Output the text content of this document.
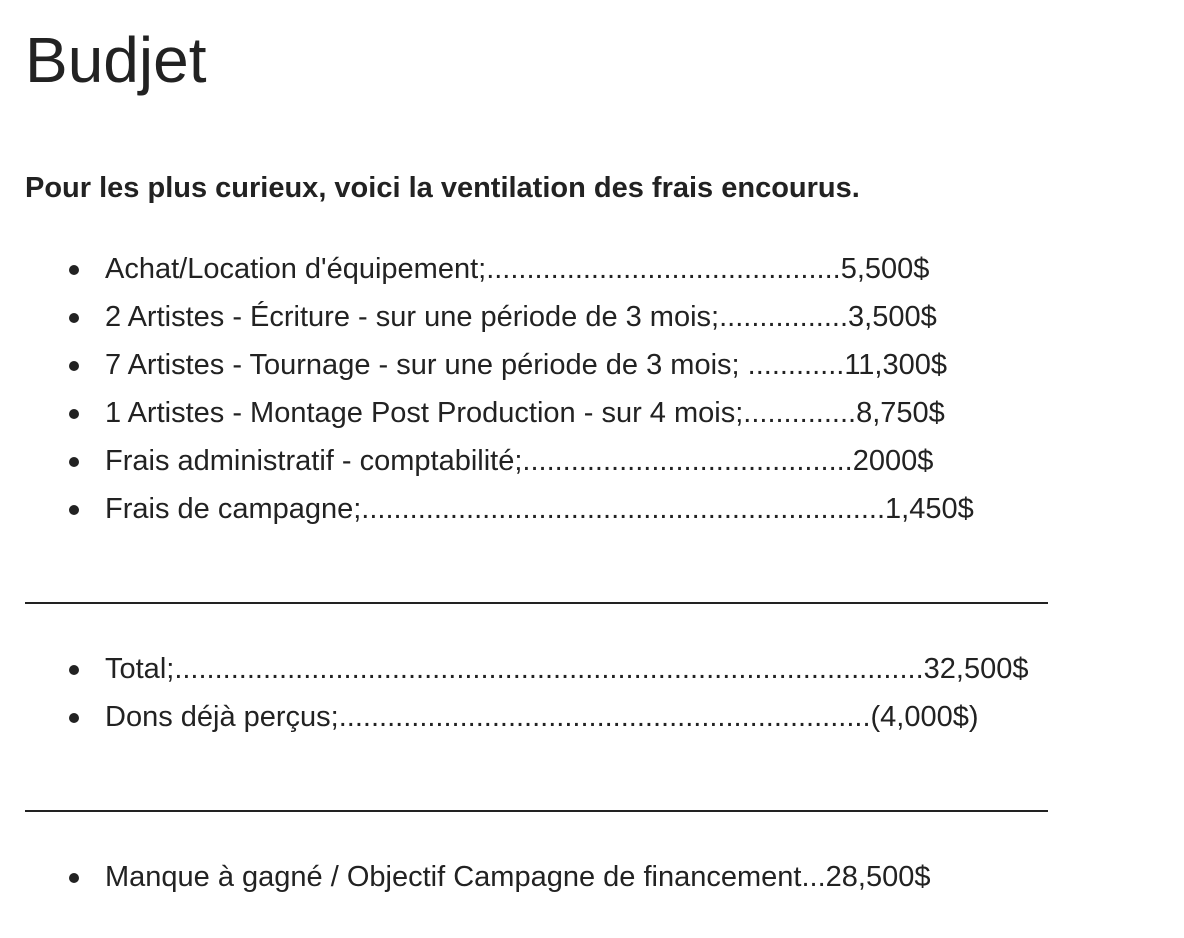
Budjet

Pour les plus curieux, voici la ventilation des frais encourus.

Achat/Location d'équipement;............................................5,500$
2 Artistes - Écriture - sur une période de 3 mois;................3,500$
7 Artistes - Tournage - sur une période de 3 mois; ............11,300$
1 Artistes - Montage Post Production - sur 4 mois;..............8,750$
Frais administratif - comptabilité;.........................................2000$
Frais de campagne;.................................................................1,450$
Total;.............................................................................................32,500$
Dons déjà perçus;..................................................................(4,000$)
Manque à gagné / Objectif Campagne de financement...28,500$
